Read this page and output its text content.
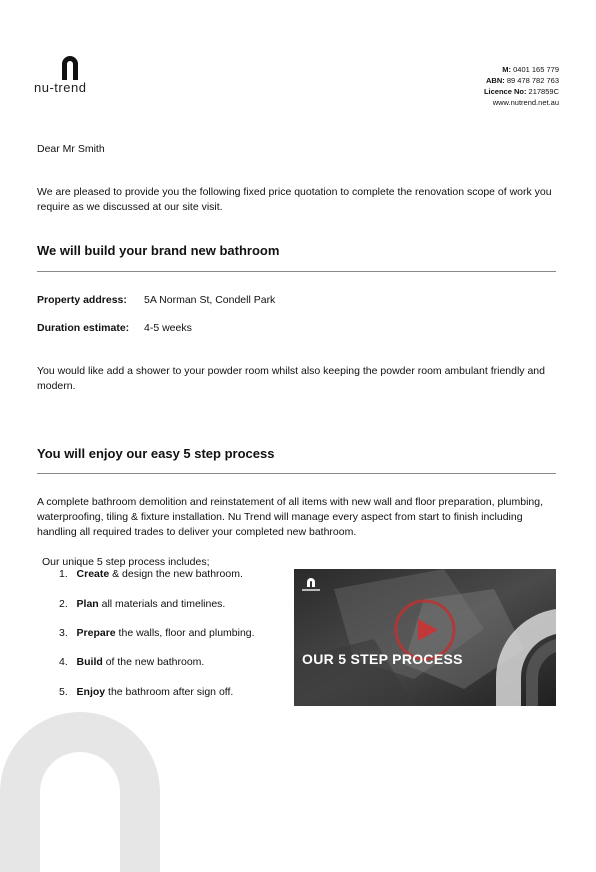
nu-trend
M: 0401 165 779
ABN: 89 478 782 763
Licence No: 217859C
www.nutrend.net.au
Dear Mr Smith
We are pleased to provide you the following fixed price quotation to complete the renovation scope of work you require as we discussed at our site visit.
We will build your brand new bathroom
Property address: 5A Norman St, Condell Park
Duration estimate: 4-5 weeks
You would like add a shower to your powder room whilst also keeping the powder room ambulant friendly and modern.
You will enjoy our easy 5 step process
A complete bathroom demolition and reinstatement of all items with new wall and floor preparation, plumbing, waterproofing, tiling & fixture installation. Nu Trend will manage every aspect from start to finish including handling all required trades to deliver your completed new bathroom.
Our unique 5 step process includes;
1. Create & design the new bathroom.
2. Plan all materials and timelines.
3. Prepare the walls, floor and plumbing.
4. Build of the new bathroom.
5. Enjoy the bathroom after sign off.
OUR 5 STEP PROCESS
